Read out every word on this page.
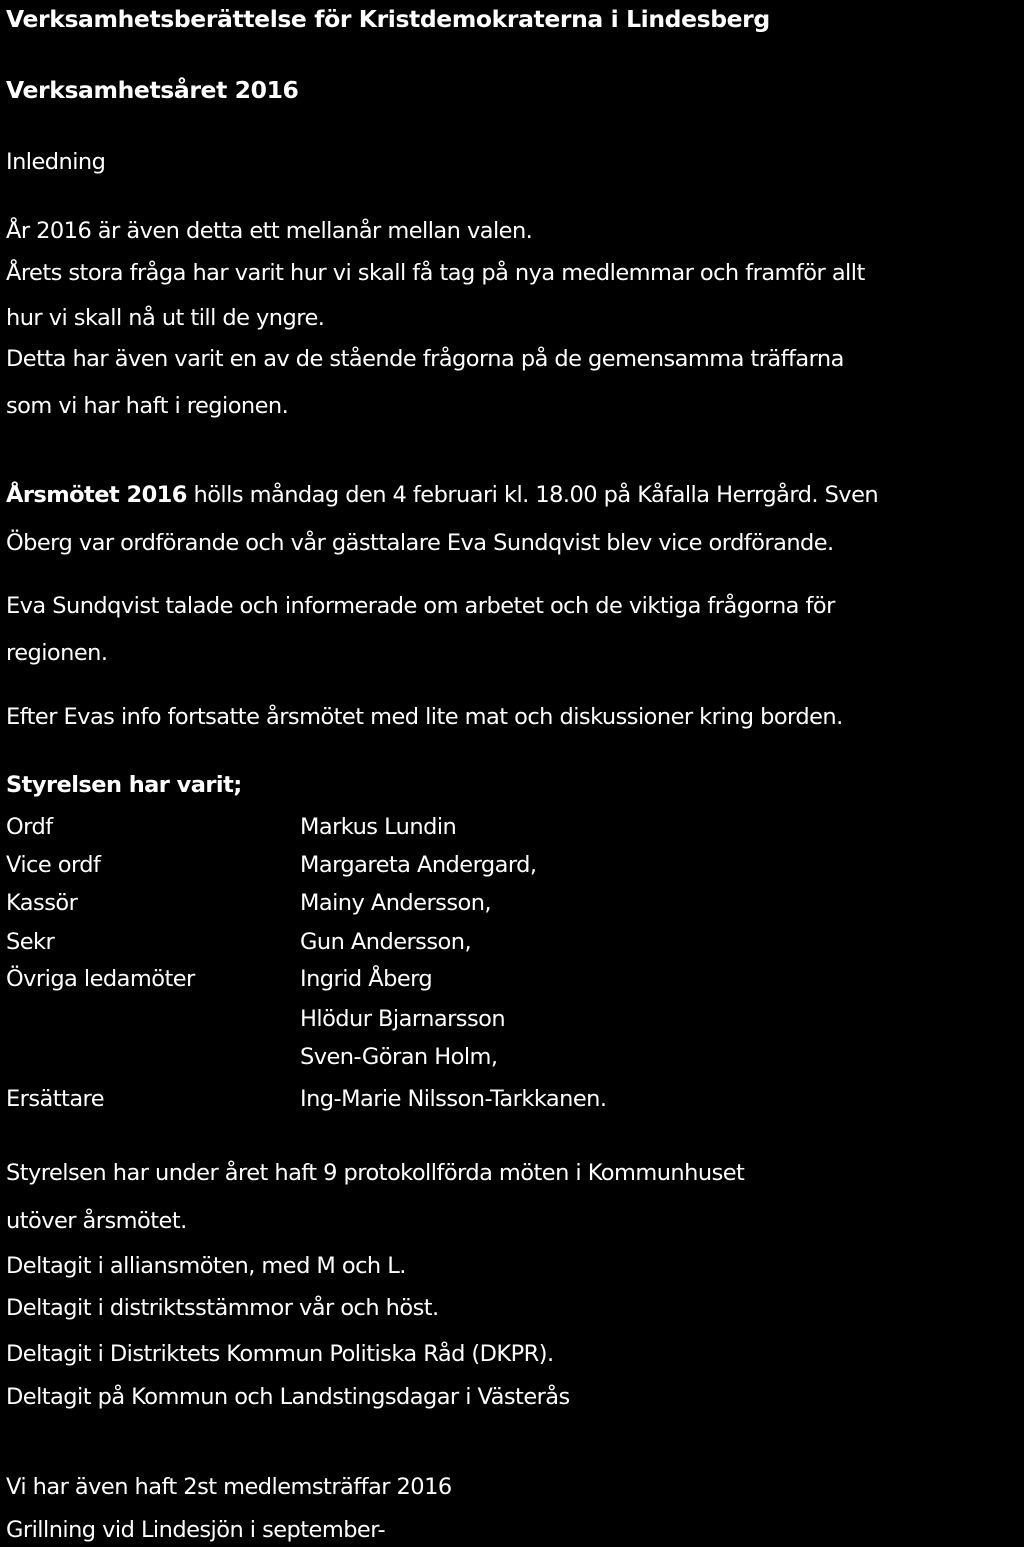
Verksamhetsberättelse för Kristdemokraterna i Lindesberg
Verksamhetsåret 2016
Inledning
År 2016 är även detta ett mellanår mellan valen.
Årets stora fråga har varit hur vi skall få tag på nya medlemmar och framför allt
hur vi skall nå ut till de yngre.
Detta har även varit en av de stående frågorna på de gemensamma träffarna
som vi har haft i regionen.
Årsmötet 2016 hölls måndag den 4 februari kl. 18.00 på Kåfalla Herrgård. Sven
Öberg var ordförande och vår gästtalare Eva Sundqvist blev vice ordförande.
Eva Sundqvist talade och informerade om arbetet och de viktiga frågorna för
regionen.
Efter Evas info fortsatte årsmötet med lite mat och diskussioner kring borden.
Styrelsen har varit;
Ordf	Markus Lundin
Vice ordf	Margareta Andergard,
Kassör	Mainy Andersson,
Sekr	Gun Andersson,
Övriga ledamöter	Ingrid Åberg
Hlödur Bjarnarsson
Sven-Göran Holm,
Ersättare	Ing-Marie Nilsson-Tarkkanen.
Styrelsen har under året haft 9 protokollförda möten i Kommunhuset
utöver årsmötet.
Deltagit i alliansmöten, med M och L.
Deltagit i distriktsstämmor vår och höst.
Deltagit i Distriktets Kommun Politiska Råd (DKPR).
Deltagit på Kommun och Landstingsdagar i Västerås
Vi har även haft 2st medlemsträffar 2016
Grillning vid Lindesjön i september-
